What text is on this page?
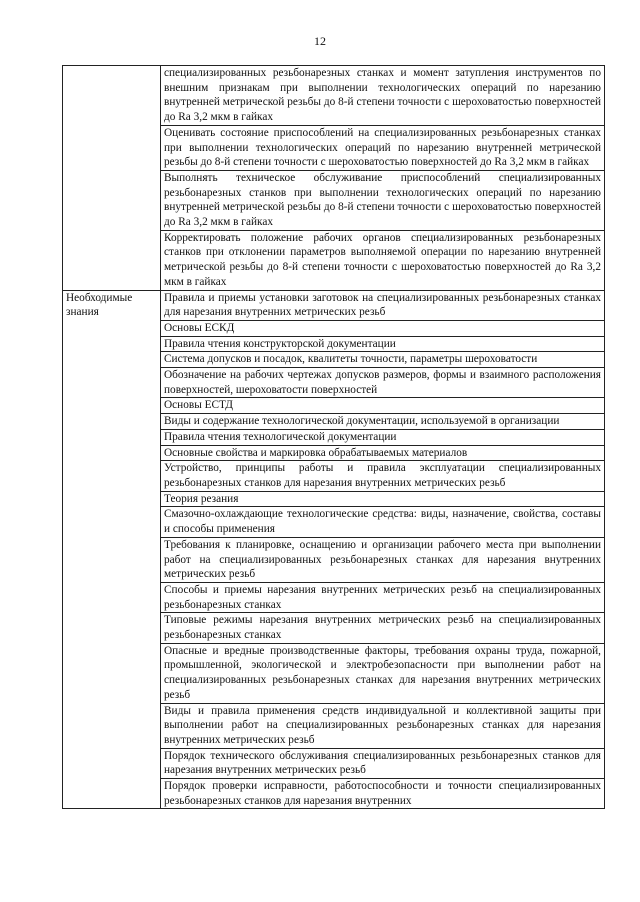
12
	специализированных резьбонарезных станках и момент затупления инструментов по внешним признакам при выполнении технологических операций по нарезанию внутренней метрической резьбы до 8-й степени точности с шероховатостью поверхностей до Ra 3,2 мкм в гайках
	Оценивать состояние приспособлений на специализированных резьбонарезных станках при выполнении технологических операций по нарезанию внутренней метрической резьбы до 8-й степени точности с шероховатостью поверхностей до Ra 3,2 мкм в гайках
	Выполнять техническое обслуживание приспособлений специализированных резьбонарезных станков при выполнении технологических операций по нарезанию внутренней метрической резьбы до 8-й степени точности с шероховатостью поверхностей до Ra 3,2 мкм в гайках
	Корректировать положение рабочих органов специализированных резьбонарезных станков при отклонении параметров выполняемой операции по нарезанию внутренней метрической резьбы до 8-й степени точности с шероховатостью поверхностей до Ra 3,2 мкм в гайках
Необходимые знания	Правила и приемы установки заготовок на специализированных резьбонарезных станках для нарезания внутренних метрических резьб
	Основы ЕСКД
	Правила чтения конструкторской документации
	Система допусков и посадок, квалитеты точности, параметры шероховатости
	Обозначение на рабочих чертежах допусков размеров, формы и взаимного расположения поверхностей, шероховатости поверхностей
	Основы ЕСТД
	Виды и содержание технологической документации, используемой в организации
	Правила чтения технологической документации
	Основные свойства и маркировка обрабатываемых материалов
	Устройство, принципы работы и правила эксплуатации специализированных резьбонарезных станков для нарезания внутренних метрических резьб
	Теория резания
	Смазочно-охлаждающие технологические средства: виды, назначение, свойства, составы и способы применения
	Требования к планировке, оснащению и организации рабочего места при выполнении работ на специализированных резьбонарезных станках для нарезания внутренних метрических резьб
	Способы и приемы нарезания внутренних метрических резьб на специализированных резьбонарезных станках
	Типовые режимы нарезания внутренних метрических резьб на специализированных резьбонарезных станках
	Опасные и вредные производственные факторы, требования охраны труда, пожарной, промышленной, экологической и электробезопасности при выполнении работ на специализированных резьбонарезных станках для нарезания внутренних метрических резьб
	Виды и правила применения средств индивидуальной и коллективной защиты при выполнении работ на специализированных резьбонарезных станках для нарезания внутренних метрических резьб
	Порядок технического обслуживания специализированных резьбонарезных станков для нарезания внутренних метрических резьб

	Порядок проверки исправности, работоспособности и точности специализированных резьбонарезных станков для нарезания внутренних
